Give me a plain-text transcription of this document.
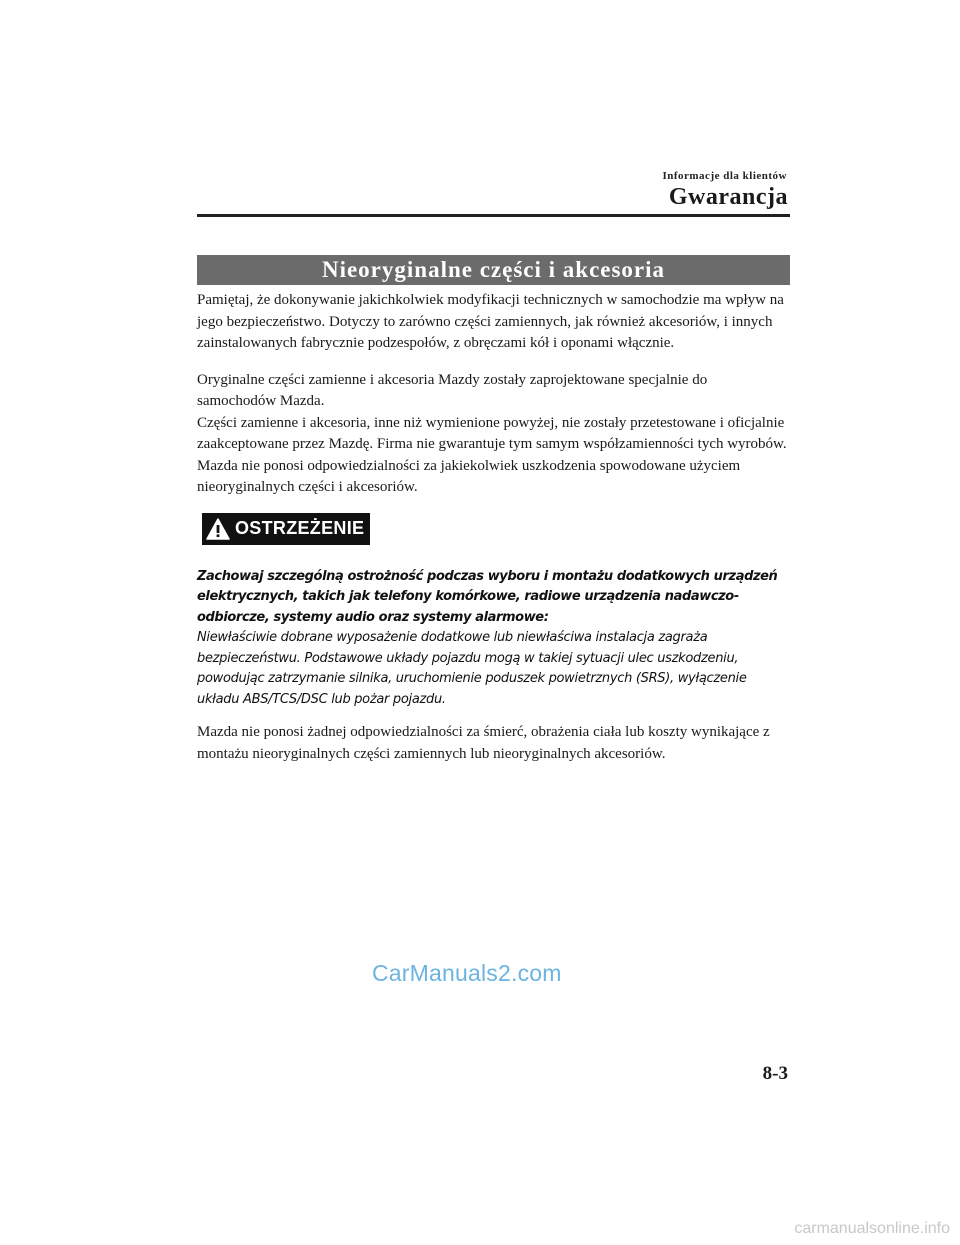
Informacje dla klientów
Gwarancja
Nieoryginalne części i akcesoria

Pamiętaj, że dokonywanie jakichkolwiek modyfikacji technicznych w samochodzie ma wpływ na jego bezpieczeństwo. Dotyczy to zarówno części zamiennych, jak również akcesoriów, i innych zainstalowanych fabrycznie podzespołów, z obręczami kół i oponami włącznie.

Oryginalne części zamienne i akcesoria Mazdy zostały zaprojektowane specjalnie do samochodów Mazda.

Części zamienne i akcesoria, inne niż wymienione powyżej, nie zostały przetestowane i oficjalnie zaakceptowane przez Mazdę. Firma nie gwarantuje tym samym współzamienności tych wyrobów. Mazda nie ponosi odpowiedzialności za jakiekolwiek uszkodzenia spowodowane użyciem nieoryginalnych części i akcesoriów.

OSTRZEŻENIE

Zachowaj szczególną ostrożność podczas wyboru i montażu dodatkowych urządzeń elektrycznych, takich jak telefony komórkowe, radiowe urządzenia nadawczo-odbiorcze, systemy audio oraz systemy alarmowe:

Niewłaściwie dobrane wyposażenie dodatkowe lub niewłaściwa instalacja zagraża bezpieczeństwu. Podstawowe układy pojazdu mogą w takiej sytuacji ulec uszkodzeniu, powodując zatrzymanie silnika, uruchomienie poduszek powietrznych (SRS), wyłączenie układu ABS/TCS/DSC lub pożar pojazdu.

Mazda nie ponosi żadnej odpowiedzialności za śmierć, obrażenia ciała lub koszty wynikające z montażu nieoryginalnych części zamiennych lub nieoryginalnych akcesoriów.

CarManuals2.com
8-3
carmanualsonline.info
